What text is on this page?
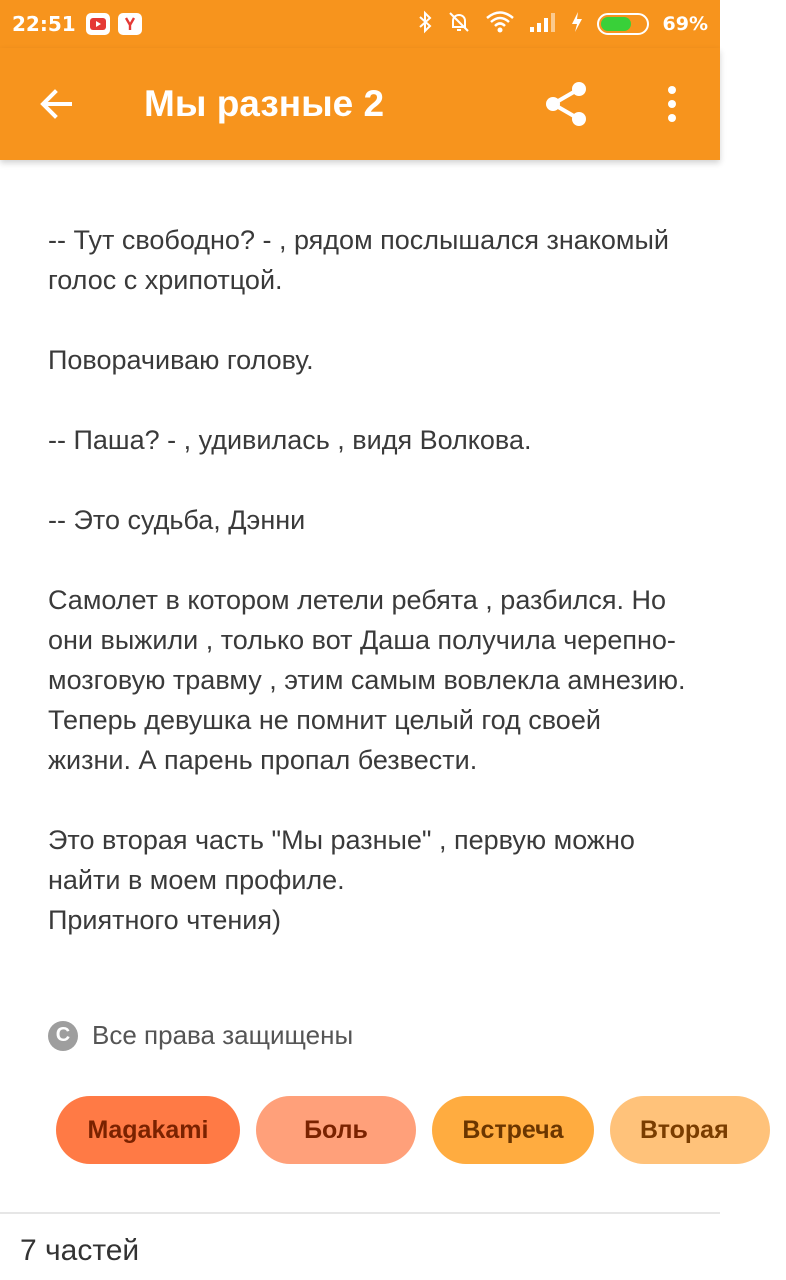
22:51	69%
Мы разные 2

-- Тут свободно? - , рядом послышался знакомый голос с хрипотцой.

Поворачиваю голову.

-- Паша? - , удивилась , видя Волкова.

-- Это судьба, Дэнни

Самолет в котором летели ребята , разбился. Но они выжили , только вот Даша получила черепно-мозговую травму , этим самым вовлекла амнезию. Теперь девушка не помнит целый год своей жизни. А парень пропал безвести.

Это вторая часть "Мы разные" , первую можно найти в моем профиле.

Приятного чтения)

C Все права защищены
Magakami	Боль	Встреча	Вторая
7 частей
